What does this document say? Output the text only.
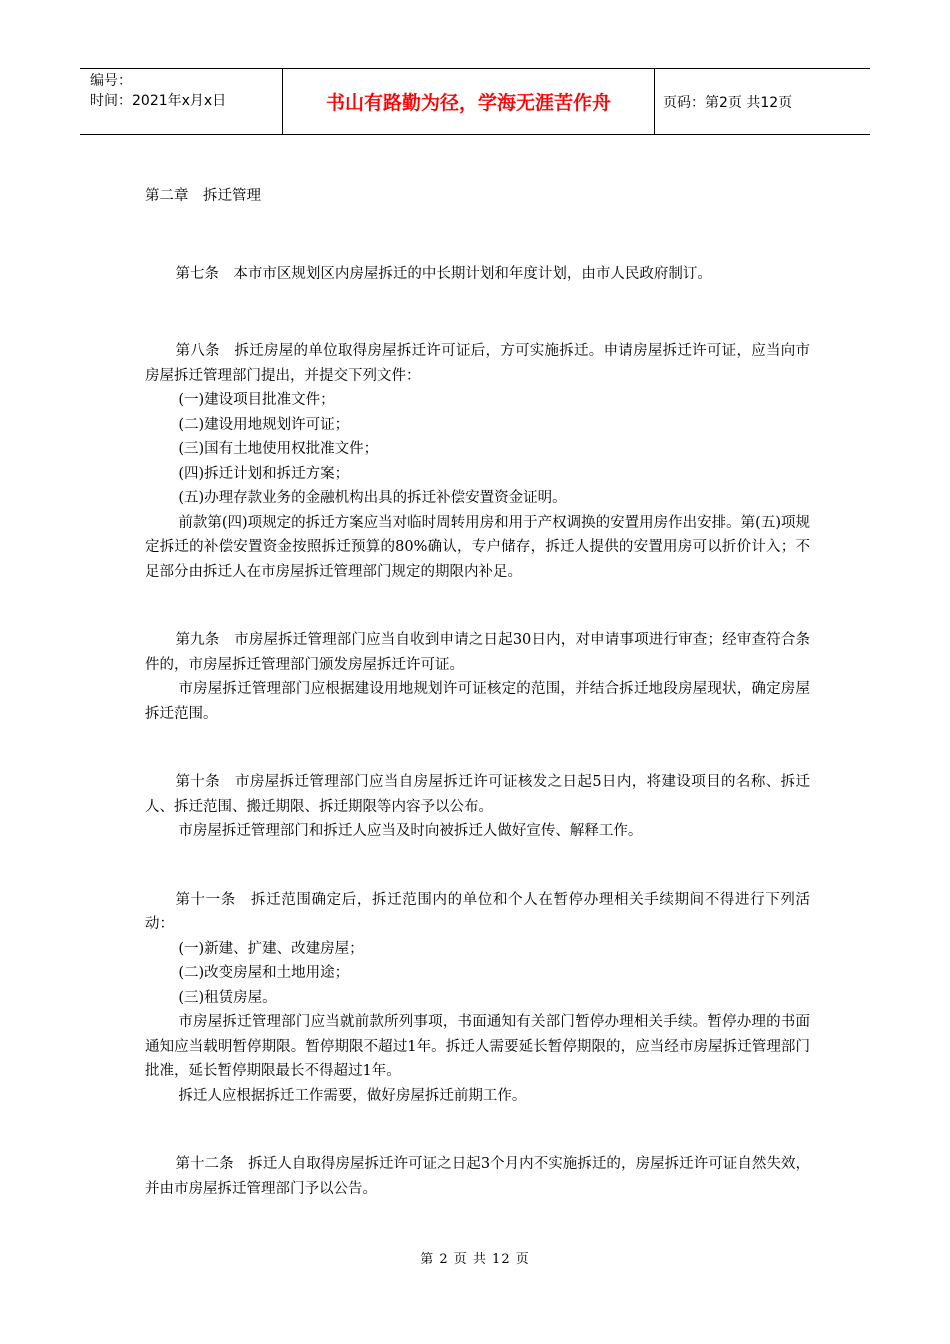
编号：
时间：2021年x月x日	书山有路勤为径，学海无涯苦作舟	页码：第2页 共12页

第二章　拆迁管理

第七条　本市市区规划区内房屋拆迁的中长期计划和年度计划，由市人民政府制订。

第八条　拆迁房屋的单位取得房屋拆迁许可证后，方可实施拆迁。申请房屋拆迁许可证，应当向市房屋拆迁管理部门提出，并提交下列文件：

(一)建设项目批准文件；

(二)建设用地规划许可证；

(三)国有土地使用权批准文件；

(四)拆迁计划和拆迁方案；

(五)办理存款业务的金融机构出具的拆迁补偿安置资金证明。

前款第(四)项规定的拆迁方案应当对临时周转用房和用于产权调换的安置用房作出安排。第(五)项规定拆迁的补偿安置资金按照拆迁预算的80%确认，专户储存，拆迁人提供的安置用房可以折价计入；不足部分由拆迁人在市房屋拆迁管理部门规定的期限内补足。

第九条　市房屋拆迁管理部门应当自收到申请之日起30日内，对申请事项进行审查；经审查符合条件的，市房屋拆迁管理部门颁发房屋拆迁许可证。

市房屋拆迁管理部门应根据建设用地规划许可证核定的范围，并结合拆迁地段房屋现状，确定房屋拆迁范围。

第十条　市房屋拆迁管理部门应当自房屋拆迁许可证核发之日起5日内，将建设项目的名称、拆迁人、拆迁范围、搬迁期限、拆迁期限等内容予以公布。

市房屋拆迁管理部门和拆迁人应当及时向被拆迁人做好宣传、解释工作。

第十一条　拆迁范围确定后，拆迁范围内的单位和个人在暂停办理相关手续期间不得进行下列活动：

(一)新建、扩建、改建房屋；

(二)改变房屋和土地用途；

(三)租赁房屋。

市房屋拆迁管理部门应当就前款所列事项，书面通知有关部门暂停办理相关手续。暂停办理的书面通知应当载明暂停期限。暂停期限不超过1年。拆迁人需要延长暂停期限的，应当经市房屋拆迁管理部门批准，延长暂停期限最长不得超过1年。

拆迁人应根据拆迁工作需要，做好房屋拆迁前期工作。

第十二条　拆迁人自取得房屋拆迁许可证之日起3个月内不实施拆迁的，房屋拆迁许可证自然失效，并由市房屋拆迁管理部门予以公告。

第 2 页 共 12 页
